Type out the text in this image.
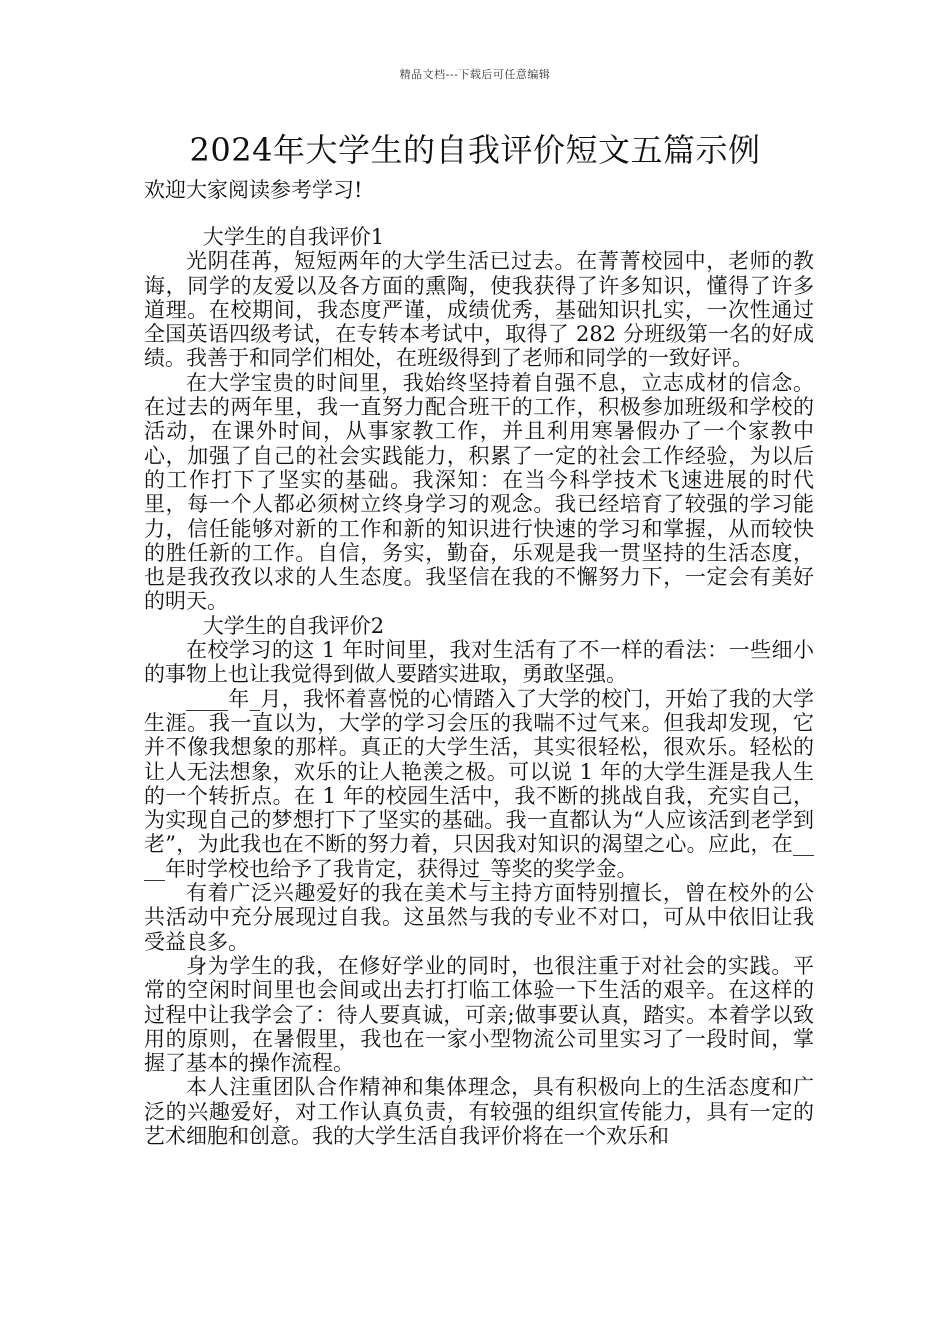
精品文档---下载后可任意编辑
2024年大学生的自我评价短文五篇示例

欢迎大家阅读参考学习!

大学生的自我评价1

光阴荏苒，短短两年的大学生活已过去。在菁菁校园中，老师的教诲，同学的友爱以及各方面的熏陶，使我获得了许多知识，懂得了许多道理。在校期间，我态度严谨，成绩优秀，基础知识扎实，一次性通过全国英语四级考试，在专转本考试中，取得了 282 分班级第一名的好成绩。我善于和同学们相处，在班级得到了老师和同学的一致好评。

在大学宝贵的时间里，我始终坚持着自强不息，立志成材的信念。在过去的两年里，我一直努力配合班干的工作，积极参加班级和学校的活动，在课外时间，从事家教工作，并且利用寒暑假办了一个家教中心，加强了自己的社会实践能力，积累了一定的社会工作经验，为以后的工作打下了坚实的基础。我深知：在当今科学技术飞速进展的时代里，每一个人都必须树立终身学习的观念。我已经培育了较强的学习能力，信任能够对新的工作和新的知识进行快速的学习和掌握，从而较快的胜任新的工作。自信，务实，勤奋，乐观是我一贯坚持的生活态度，也是我孜孜以求的人生态度。我坚信在我的不懈努力下，一定会有美好的明天。

大学生的自我评价2

在校学习的这 1 年时间里，我对生活有了不一样的看法：一些细小的事物上也让我觉得到做人要踏实进取，勇敢坚强。

____年_月，我怀着喜悦的心情踏入了大学的校门，开始了我的大学生涯。我一直以为，大学的学习会压的我喘不过气来。但我却发现，它并不像我想象的那样。真正的大学生活，其实很轻松，很欢乐。轻松的让人无法想象，欢乐的让人艳羡之极。可以说 1 年的大学生涯是我人生的一个转折点。在 1 年的校园生活中，我不断的挑战自我，充实自己，为实现自己的梦想打下了坚实的基础。我一直都认为“人应该活到老学到老”，为此我也在不断的努力着，只因我对知识的渴望之心。应此，在____年时学校也给予了我肯定，获得过_等奖的奖学金。

有着广泛兴趣爱好的我在美术与主持方面特别擅长，曾在校外的公共活动中充分展现过自我。这虽然与我的专业不对口，可从中依旧让我受益良多。

身为学生的我，在修好学业的同时，也很注重于对社会的实践。平常的空闲时间里也会间或出去打打临工体验一下生活的艰辛。在这样的过程中让我学会了：待人要真诚，可亲;做事要认真，踏实。本着学以致用的原则，在暑假里，我也在一家小型物流公司里实习了一段时间，掌握了基本的操作流程。

本人注重团队合作精神和集体理念，具有积极向上的生活态度和广泛的兴趣爱好，对工作认真负责，有较强的组织宣传能力，具有一定的艺术细胞和创意。我的大学生活自我评价将在一个欢乐和
